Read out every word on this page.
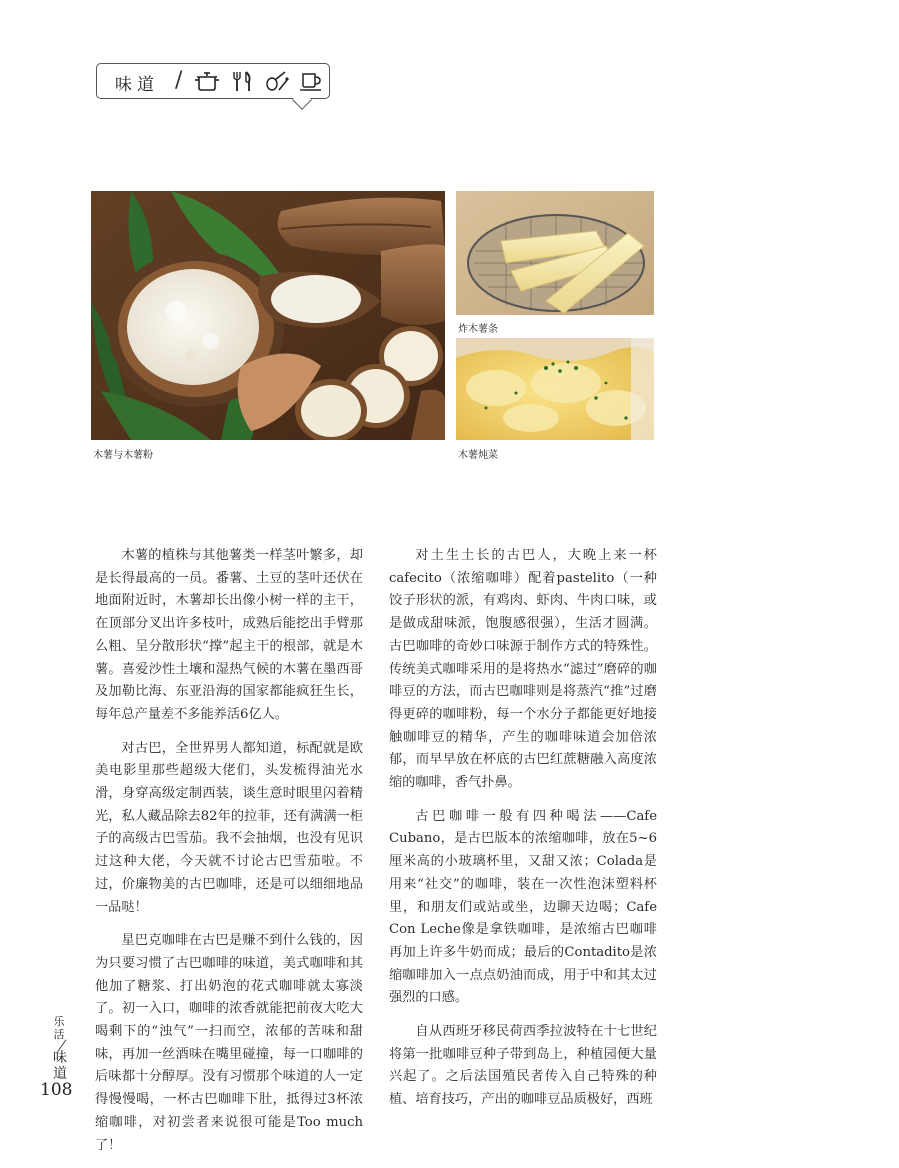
味道 /
木薯与木薯粉
炸木薯条
木薯炖菜

木薯的植株与其他薯类一样茎叶繁多，却是长得最高的一员。番薯、土豆的茎叶还伏在地面附近时，木薯却长出像小树一样的主干，在顶部分叉出许多枝叶，成熟后能挖出手臂那么粗、呈分散形状“撑”起主干的根部，就是木薯。喜爱沙性土壤和湿热气候的木薯在墨西哥及加勒比海、东亚沿海的国家都能疯狂生长，每年总产量差不多能养活6亿人。

对古巴，全世界男人都知道，标配就是欧美电影里那些超级大佬们，头发梳得油光水滑，身穿高级定制西装，谈生意时眼里闪着精光，私人藏品除去82年的拉菲，还有满满一柜子的高级古巴雪茄。我不会抽烟，也没有见识过这种大佬，今天就不讨论古巴雪茄啦。不过，价廉物美的古巴咖啡，还是可以细细地品一品哒！

星巴克咖啡在古巴是赚不到什么钱的，因为只要习惯了古巴咖啡的味道，美式咖啡和其他加了糖浆、打出奶泡的花式咖啡就太寡淡了。初一入口，咖啡的浓香就能把前夜大吃大喝剩下的“浊气”一扫而空，浓郁的苦味和甜味，再加一丝酒味在嘴里碰撞，每一口咖啡的后味都十分醇厚。没有习惯那个味道的人一定得慢慢喝，一杯古巴咖啡下肚，抵得过3杯浓缩咖啡，对初尝者来说很可能是Too much了！

对土生土长的古巴人，大晚上来一杯cafecito（浓缩咖啡）配着pastelito（一种饺子形状的派，有鸡肉、虾肉、牛肉口味，或是做成甜味派，饱腹感很强），生活才圆满。古巴咖啡的奇妙口味源于制作方式的特殊性。传统美式咖啡采用的是将热水“滤过”磨碎的咖啡豆的方法，而古巴咖啡则是将蒸汽“推”过磨得更碎的咖啡粉，每一个水分子都能更好地接触咖啡豆的精华，产生的咖啡味道会加倍浓郁，而早早放在杯底的古巴红蔗糖融入高度浓缩的咖啡，香气扑鼻。

古巴咖啡一般有四种喝法——Cafe Cubano，是古巴版本的浓缩咖啡，放在5~6厘米高的小玻璃杯里，又甜又浓；Colada是用来“社交”的咖啡，装在一次性泡沫塑料杯里，和朋友们或站或坐，边聊天边喝；Cafe Con Leche像是拿铁咖啡，是浓缩古巴咖啡再加上许多牛奶而成；最后的Contadito是浓缩咖啡加入一点点奶油而成，用于中和其太过强烈的口感。

自从西班牙移民荷西季拉波特在十七世纪将第一批咖啡豆种子带到岛上，种植园便大量兴起了。之后法国殖民者传入自己特殊的种植、培育技巧，产出的咖啡豆品质极好，西班

乐活
味道
108
